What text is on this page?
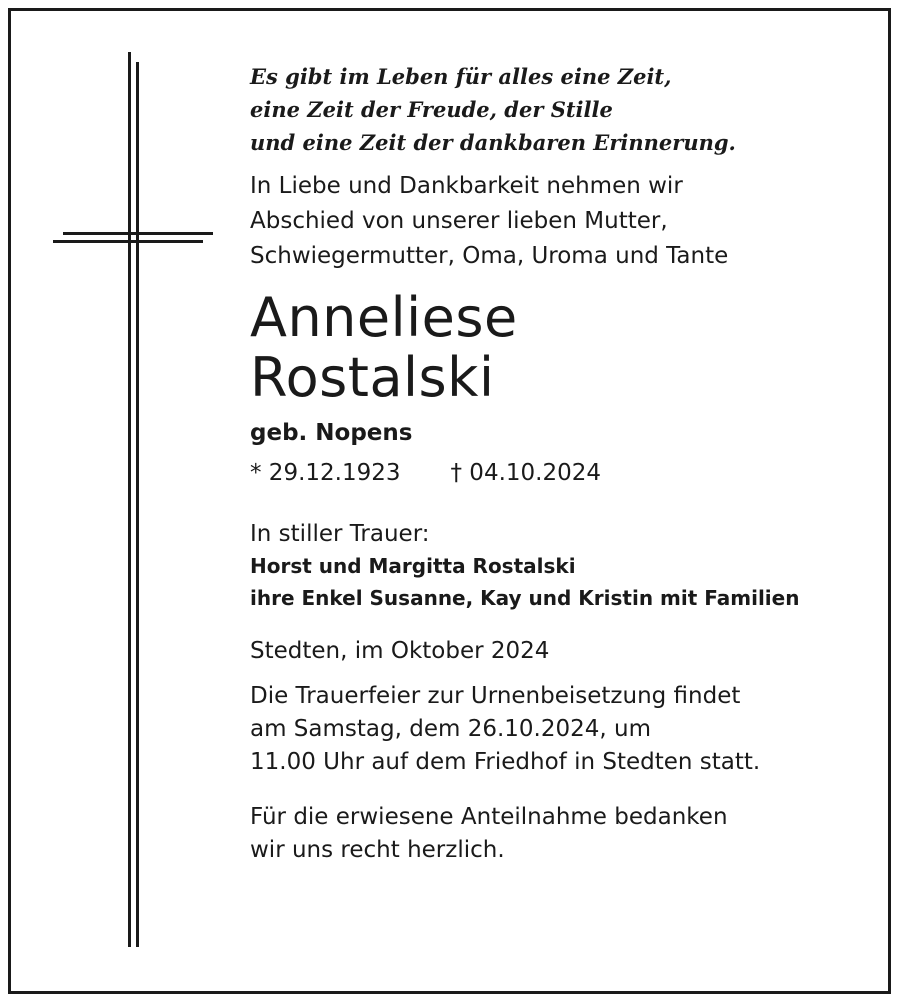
Es gibt im Leben für alles eine Zeit,

eine Zeit der Freude, der Stille

und eine Zeit der dankbaren Erinnerung.

In Liebe und Dankbarkeit nehmen wir

Abschied von unserer lieben Mutter,

Schwiegermutter, Oma, Uroma und Tante

Anneliese

Rostalski

geb. Nopens

* 29.12.1923 † 04.10.2024

In stiller Trauer:

Horst und Margitta Rostalski

ihre Enkel Susanne, Kay und Kristin mit Familien

Stedten, im Oktober 2024

Die Trauerfeier zur Urnenbeisetzung findet

am Samstag, dem 26.10.2024, um

11.00 Uhr auf dem Friedhof in Stedten statt.

Für die erwiesene Anteilnahme bedanken

wir uns recht herzlich.
